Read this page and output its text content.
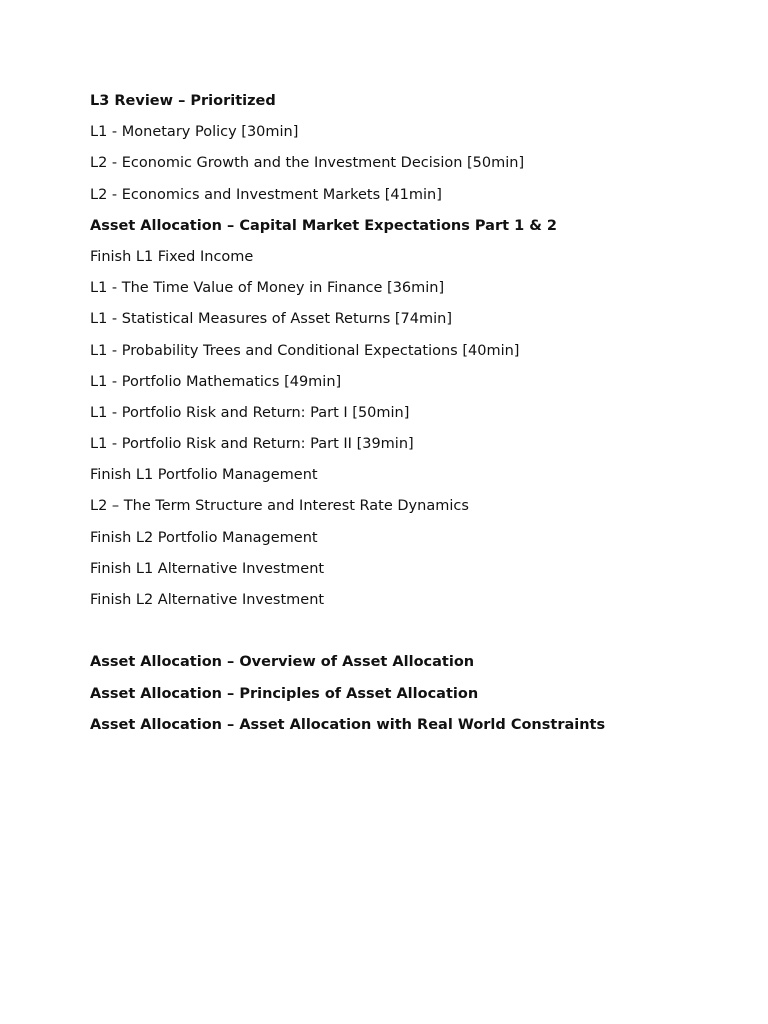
L3 Review – Prioritized
L1 - Monetary Policy [30min]
L2 - Economic Growth and the Investment Decision [50min]
L2 - Economics and Investment Markets [41min]
Asset Allocation – Capital Market Expectations Part 1 & 2
Finish L1 Fixed Income
L1 - The Time Value of Money in Finance [36min]
L1 - Statistical Measures of Asset Returns [74min]
L1 - Probability Trees and Conditional Expectations [40min]
L1 - Portfolio Mathematics [49min]
L1 - Portfolio Risk and Return: Part I [50min]
L1 - Portfolio Risk and Return: Part II [39min]
Finish L1 Portfolio Management
L2 – The Term Structure and Interest Rate Dynamics
Finish L2 Portfolio Management
Finish L1 Alternative Investment
Finish L2 Alternative Investment
Asset Allocation – Overview of Asset Allocation
Asset Allocation – Principles of Asset Allocation
Asset Allocation – Asset Allocation with Real World Constraints
